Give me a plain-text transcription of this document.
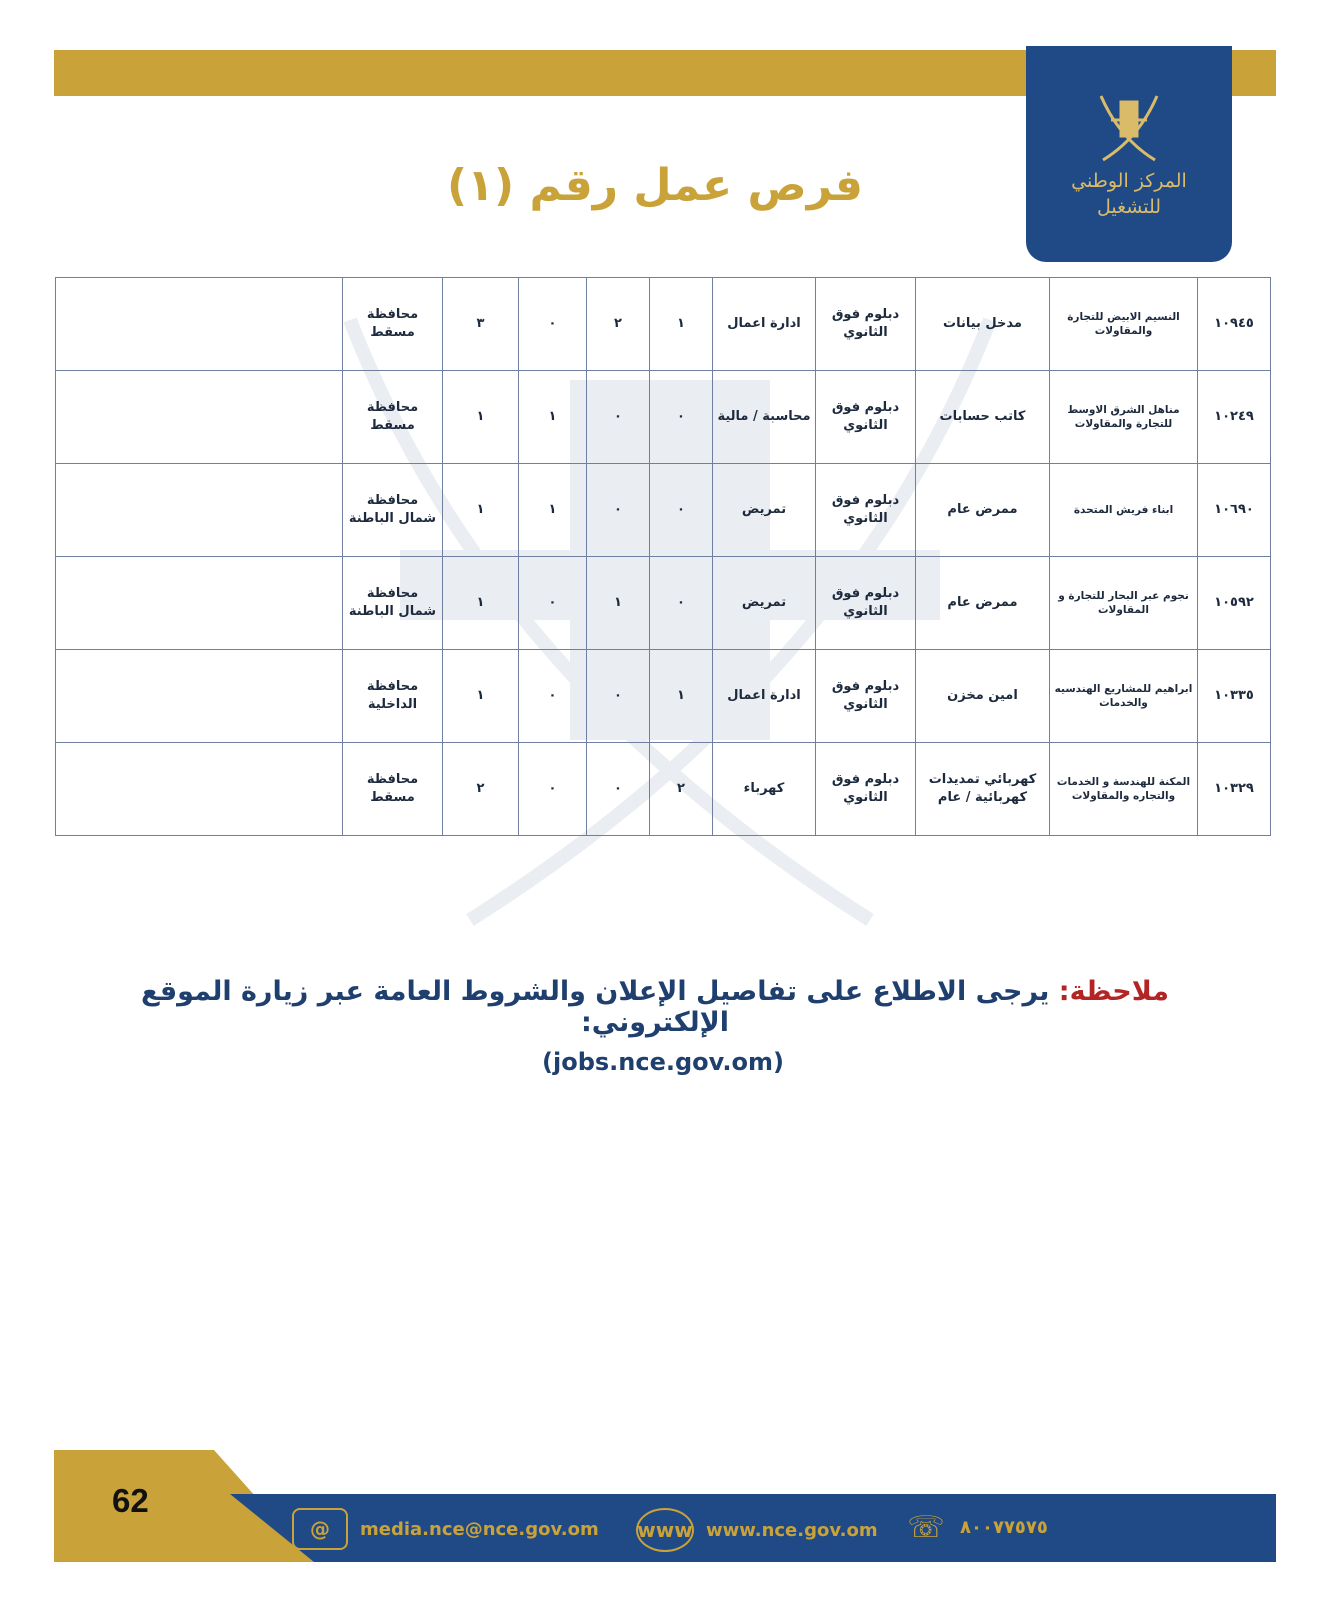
المركز الوطني
للتشغيل
فرص عمل رقم (١)
١٠٩٤٥	النسيم الابيض للتجارة والمقاولات	مدخل بيانات	دبلوم فوق الثانوي	ادارة اعمال	١	٢	٠	٣	محافظة مسقط	
١٠٢٤٩	مناهل الشرق الاوسط للتجارة والمقاولات	كاتب حسابات	دبلوم فوق الثانوي	محاسبة / مالية	٠	٠	١	١	محافظة مسقط	
١٠٦٩٠	ابناء فريش المتحدة	ممرض عام	دبلوم فوق الثانوي	تمريض	٠	٠	١	١	محافظة شمال الباطنة	
١٠٥٩٢	نجوم عبر البحار للتجارة و المقاولات	ممرض عام	دبلوم فوق الثانوي	تمريض	٠	١	٠	١	محافظة شمال الباطنة	
١٠٣٣٥	ابراهيم للمشاريع الهندسيه والخدمات	امين مخزن	دبلوم فوق الثانوي	ادارة اعمال	١	٠	٠	١	محافظة الداخلية	
١٠٣٢٩	المكنة للهندسة و الخدمات والتجاره والمقاولات	كهربائي تمديدات كهربائية / عام	دبلوم فوق الثانوي	كهرباء	٢	٠	٠	٢	محافظة مسقط	
ملاحظة: يرجى الاطلاع على تفاصيل الإعلان والشروط العامة عبر زيارة الموقع الإلكتروني:
(jobs.nce.gov.om)
62
@	media.nce@nce.gov.om www www.nce.gov.om ☏ ٨٠٠٧٧٥٧٥
